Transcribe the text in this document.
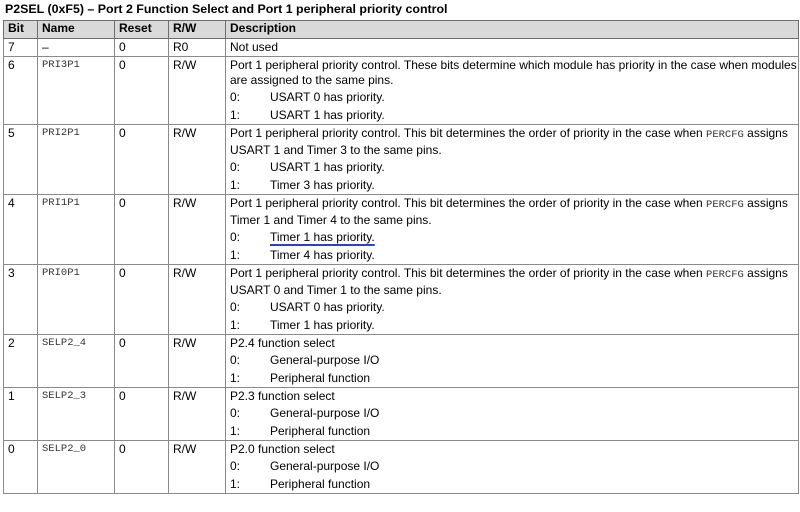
P2SEL (0xF5) – Port 2 Function Select and Port 1 peripheral priority control
Bit	Name	Reset	R/W	Description
7	–	0	R0	Not used
6	PRI3P1	0	R/W	Port 1 peripheral priority control. These bits determine which module has priority in the case when modules are assigned to the same pins.
0: USART 0 has priority.
1: USART 1 has priority.

5	PRI2P1	0	R/W	Port 1 peripheral priority control. This bit determines the order of priority in the case when PERCFG assigns USART 1 and Timer 3 to the same pins.
0: USART 1 has priority.
1: Timer 3 has priority.

4	PRI1P1	0	R/W	Port 1 peripheral priority control. This bit determines the order of priority in the case when PERCFG assigns Timer 1 and Timer 4 to the same pins.
0: Timer 1 has priority.
1: Timer 4 has priority.

3	PRI0P1	0	R/W	Port 1 peripheral priority control. This bit determines the order of priority in the case when PERCFG assigns USART 0 and Timer 1 to the same pins.
0: USART 0 has priority.
1: Timer 1 has priority.

2	SELP2_4	0	R/W	P2.4 function select
0: General-purpose I/O
1: Peripheral function

1	SELP2_3	0	R/W	P2.3 function select
0: General-purpose I/O
1: Peripheral function

0	SELP2_0	0	R/W	P2.0 function select
0: General-purpose I/O
1: Peripheral function
